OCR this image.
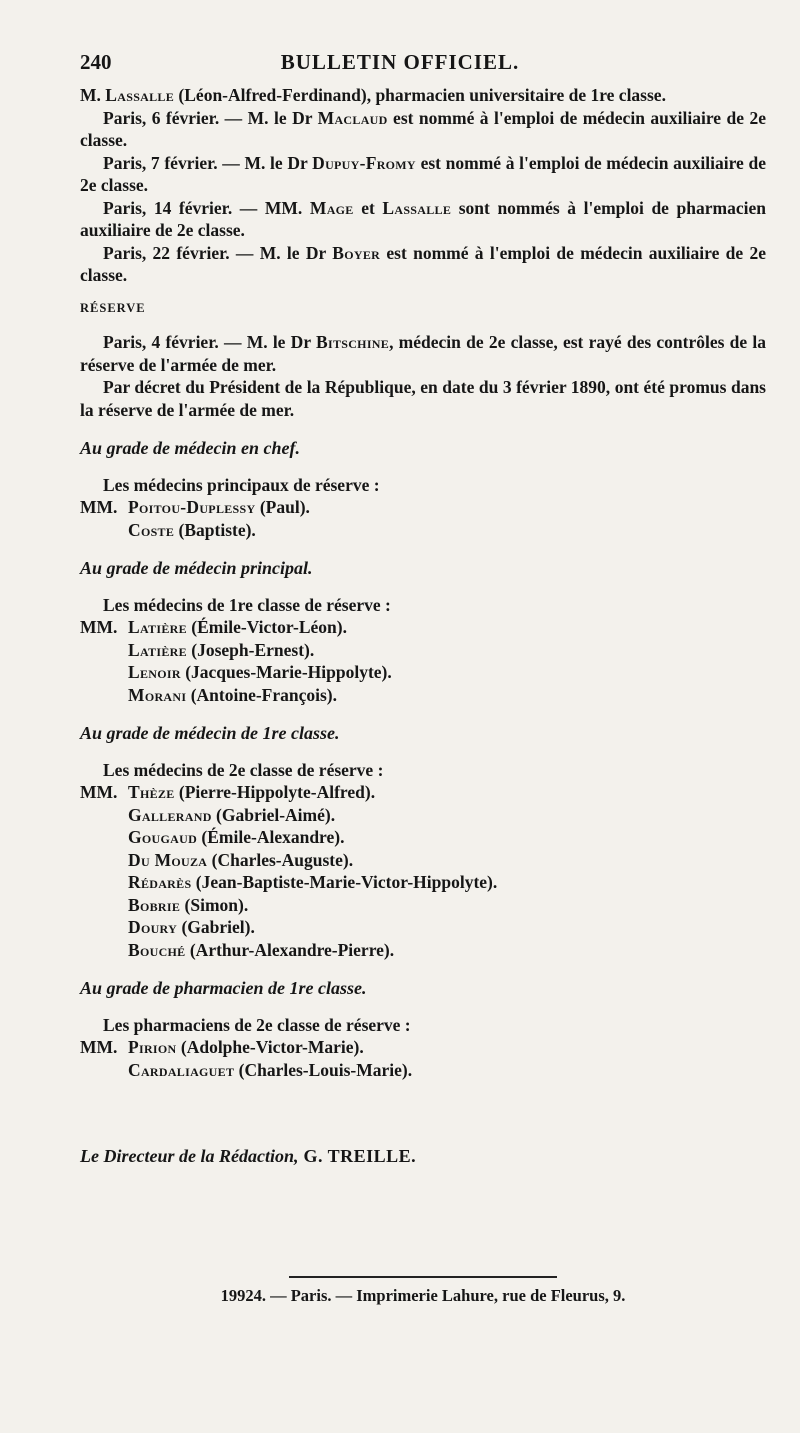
240	BULLETIN OFFICIEL.

M. Lassalle (Léon-Alfred-Ferdinand), pharmacien universitaire de 1re classe.

Paris, 6 février. — M. le Dr Maclaud est nommé à l'emploi de médecin auxiliaire de 2e classe.

Paris, 7 février. — M. le Dr Dupuy-Fromy est nommé à l'emploi de médecin auxiliaire de 2e classe.

Paris, 14 février. — MM. Mage et Lassalle sont nommés à l'emploi de pharmacien auxiliaire de 2e classe.

Paris, 22 février. — M. le Dr Boyer est nommé à l'emploi de médecin auxiliaire de 2e classe.

RÉSERVE

Paris, 4 février. — M. le Dr Bitschine, médecin de 2e classe, est rayé des contrôles de la réserve de l'armée de mer.

Par décret du Président de la République, en date du 3 février 1890, ont été promus dans la réserve de l'armée de mer.

Au grade de médecin en chef.

Les médecins principaux de réserve :

MM. Poitou-Duplessy (Paul).
Coste (Baptiste).

Au grade de médecin principal.

Les médecins de 1re classe de réserve :

MM. Latière (Émile-Victor-Léon).
Latière (Joseph-Ernest).
Lenoir (Jacques-Marie-Hippolyte).
Morani (Antoine-François).

Au grade de médecin de 1re classe.

Les médecins de 2e classe de réserve :

MM. Thèze (Pierre-Hippolyte-Alfred).
Gallerand (Gabriel-Aimé).
Gougaud (Émile-Alexandre).
Du Mouza (Charles-Auguste).
Rédarès (Jean-Baptiste-Marie-Victor-Hippolyte).
Bobrie (Simon).
Doury (Gabriel).
Bouché (Arthur-Alexandre-Pierre).

Au grade de pharmacien de 1re classe.

Les pharmaciens de 2e classe de réserve :

MM. Pirion (Adolphe-Victor-Marie).
Cardaliaguet (Charles-Louis-Marie).

Le Directeur de la Rédaction, G. TREILLE.

19924. — Paris. — Imprimerie Lahure, rue de Fleurus, 9.
